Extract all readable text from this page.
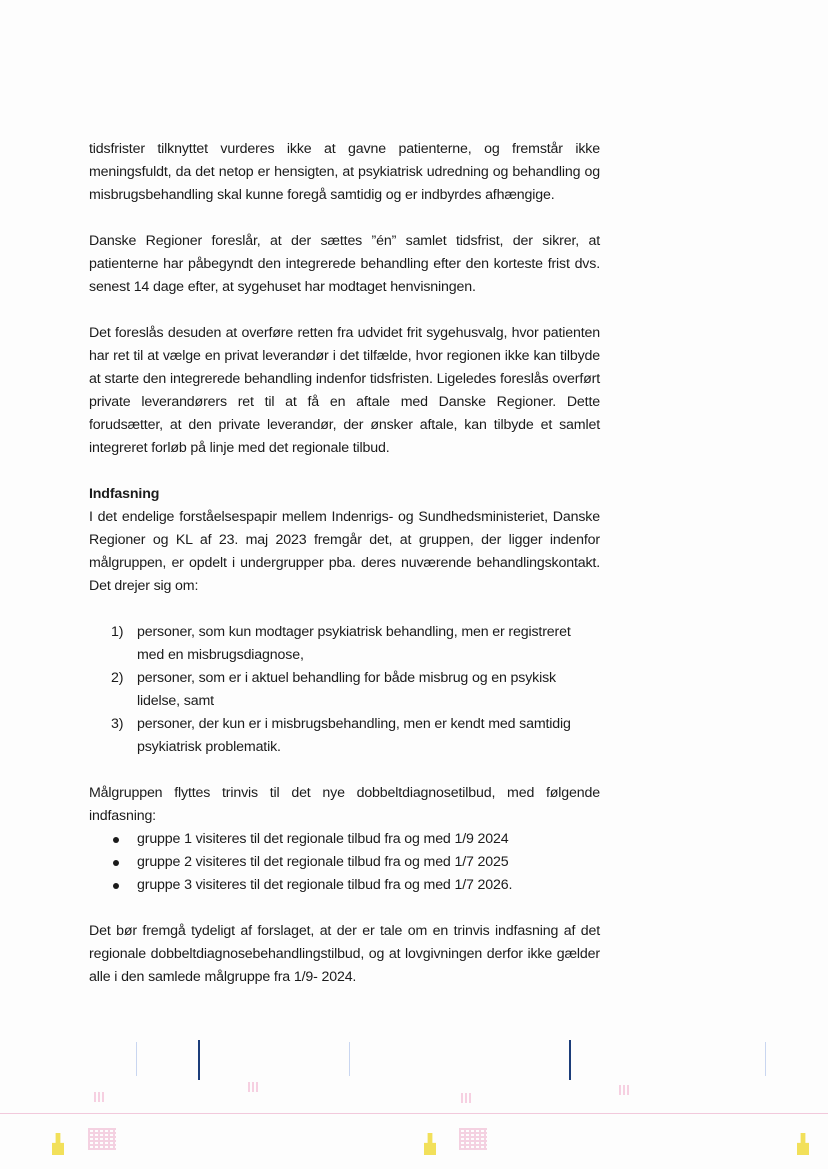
tidsfrister tilknyttet vurderes ikke at gavne patienterne, og fremstår ikke meningsfuldt, da det netop er hensigten, at psykiatrisk udredning og behandling og misbrugsbehandling skal kunne foregå samtidig og er indbyrdes afhængige.

Danske Regioner foreslår, at der sættes ”én” samlet tidsfrist, der sikrer, at patienterne har påbegyndt den integrerede behandling efter den korteste frist dvs. senest 14 dage efter, at sygehuset har modtaget henvisningen.

Det foreslås desuden at overføre retten fra udvidet frit sygehusvalg, hvor patienten har ret til at vælge en privat leverandør i det tilfælde, hvor regionen ikke kan tilbyde at starte den integrerede behandling indenfor tidsfristen. Ligeledes foreslås overført private leverandørers ret til at få en aftale med Danske Regioner. Dette forudsætter, at den private leverandør, der ønsker aftale, kan tilbyde et samlet integreret forløb på linje med det regionale tilbud.

Indfasning

I det endelige forståelsespapir mellem Indenrigs- og Sundhedsministeriet, Danske Regioner og KL af 23. maj 2023 fremgår det, at gruppen, der ligger indenfor målgruppen, er opdelt i undergrupper pba. deres nuværende behandlingskontakt. Det drejer sig om:

1) personer, som kun modtager psykiatrisk behandling, men er registreret med en misbrugsdiagnose,
2) personer, som er i aktuel behandling for både misbrug og en psykisk lidelse, samt
3) personer, der kun er i misbrugsbehandling, men er kendt med samtidig psykiatrisk problematik.

Målgruppen flyttes trinvis til det nye dobbeltdiagnosetilbud, med følgende indfasning:

gruppe 1 visiteres til det regionale tilbud fra og med 1/9 2024
gruppe 2 visiteres til det regionale tilbud fra og med 1/7 2025
gruppe 3 visiteres til det regionale tilbud fra og med 1/7 2026.

Det bør fremgå tydeligt af forslaget, at der er tale om en trinvis indfasning af det regionale dobbeltdiagnosebehandlingstilbud, og at lovgivningen derfor ikke gælder alle i den samlede målgruppe fra 1/9- 2024.
